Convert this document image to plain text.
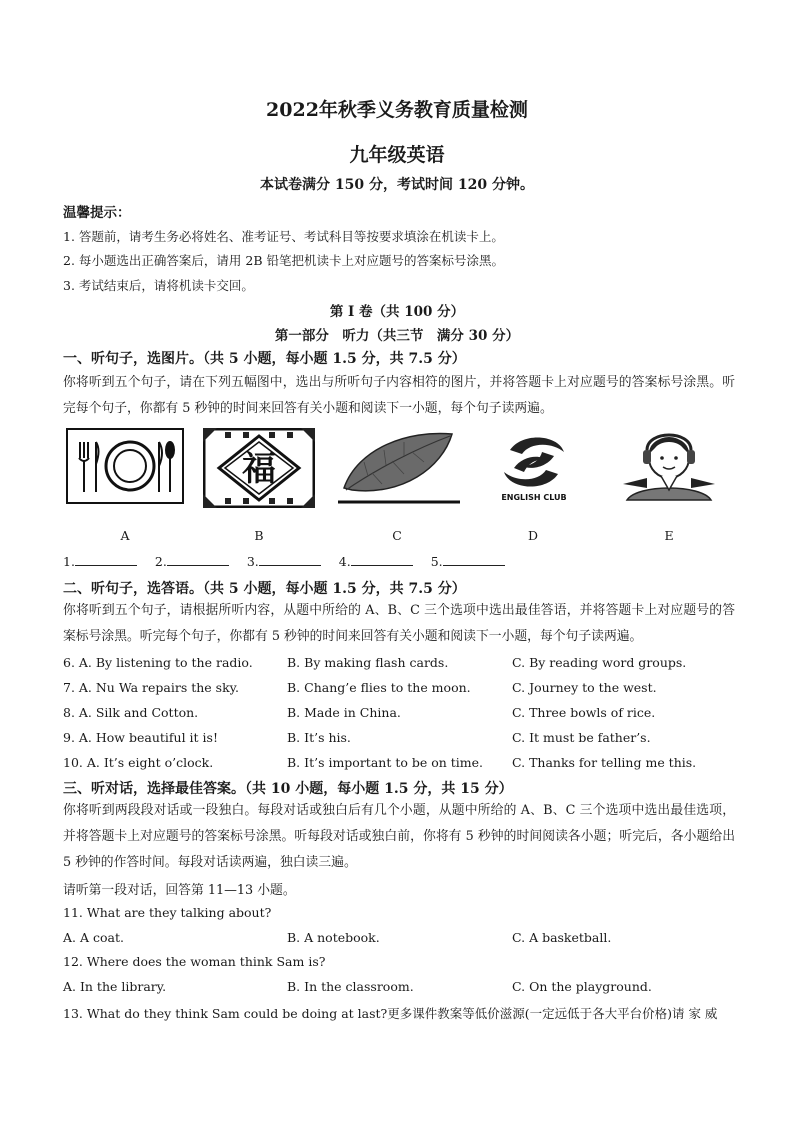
2022年秋季义务教育质量检测
九年级英语
本试卷满分 150 分，考试时间 120 分钟。
温馨提示：
1. 答题前，请考生务必将姓名、准考证号、考试科目等按要求填涂在机读卡上。
2. 每小题选出正确答案后，请用 2B 铅笔把机读卡上对应题号的答案标号涂黑。
3. 考试结束后，请将机读卡交回。
第 I 卷（共 100 分）
第一部分　听力（共三节　满分 30 分）
一、听句子，选图片。（共 5 小题，每小题 1.5 分，共 7.5 分）
你将听到五个句子，请在下列五幅图中，选出与所听句子内容相符的图片，并将答题卡上对应题号的答案标号涂黑。听完每个句子，你都有 5 秒钟的时间来回答有关小题和阅读下一小题，每个句子读两遍。
福
ENGLISH CLUB
A	B	C	D	E
1.	2.	3.	4.	5.
二、听句子，选答语。（共 5 小题，每小题 1.5 分，共 7.5 分）
你将听到五个句子，请根据所听内容，从题中所给的 A、B、C 三个选项中选出最佳答语，并将答题卡上对应题号的答案标号涂黑。听完每个句子，你都有 5 秒钟的时间来回答有关小题和阅读下一小题，每个句子读两遍。
6. A. By listening to the radio.	B. By making flash cards.	C. By reading word groups.
7. A. Nu Wa repairs the sky.	B. Chang’e flies to the moon.	C. Journey to the west.
8. A. Silk and Cotton.	B. Made in China.	C. Three bowls of rice.
9. A. How beautiful it is!	B. It’s his.	C. It must be father’s.
10. A. It’s eight o’clock.	B. It’s important to be on time. C. Thanks for telling me this.
三、听对话，选择最佳答案。（共 10 小题，每小题 1.5 分，共 15 分）
你将听到两段段对话或一段独白。每段对话或独白后有几个小题，从题中所给的 A、B、C 三个选项中选出最佳选项，并将答题卡上对应题号的答案标号涂黑。听每段对话或独白前，你将有 5 秒钟的时间阅读各小题；听完后，各小题给出 5 秒钟的作答时间。每段对话读两遍，独白读三遍。
请听第一段对话，回答第 11—13 小题。
11. What are they talking about?
A. A coat.	B. A notebook.	C. A basketball.
12. Where does the woman think Sam is?
A. In the library.	B. In the classroom.	C. On the playground.
13. What do they think Sam could be doing at last?更多课件教案等低价滋源(一定远低于各大平台价格)请 家 威
